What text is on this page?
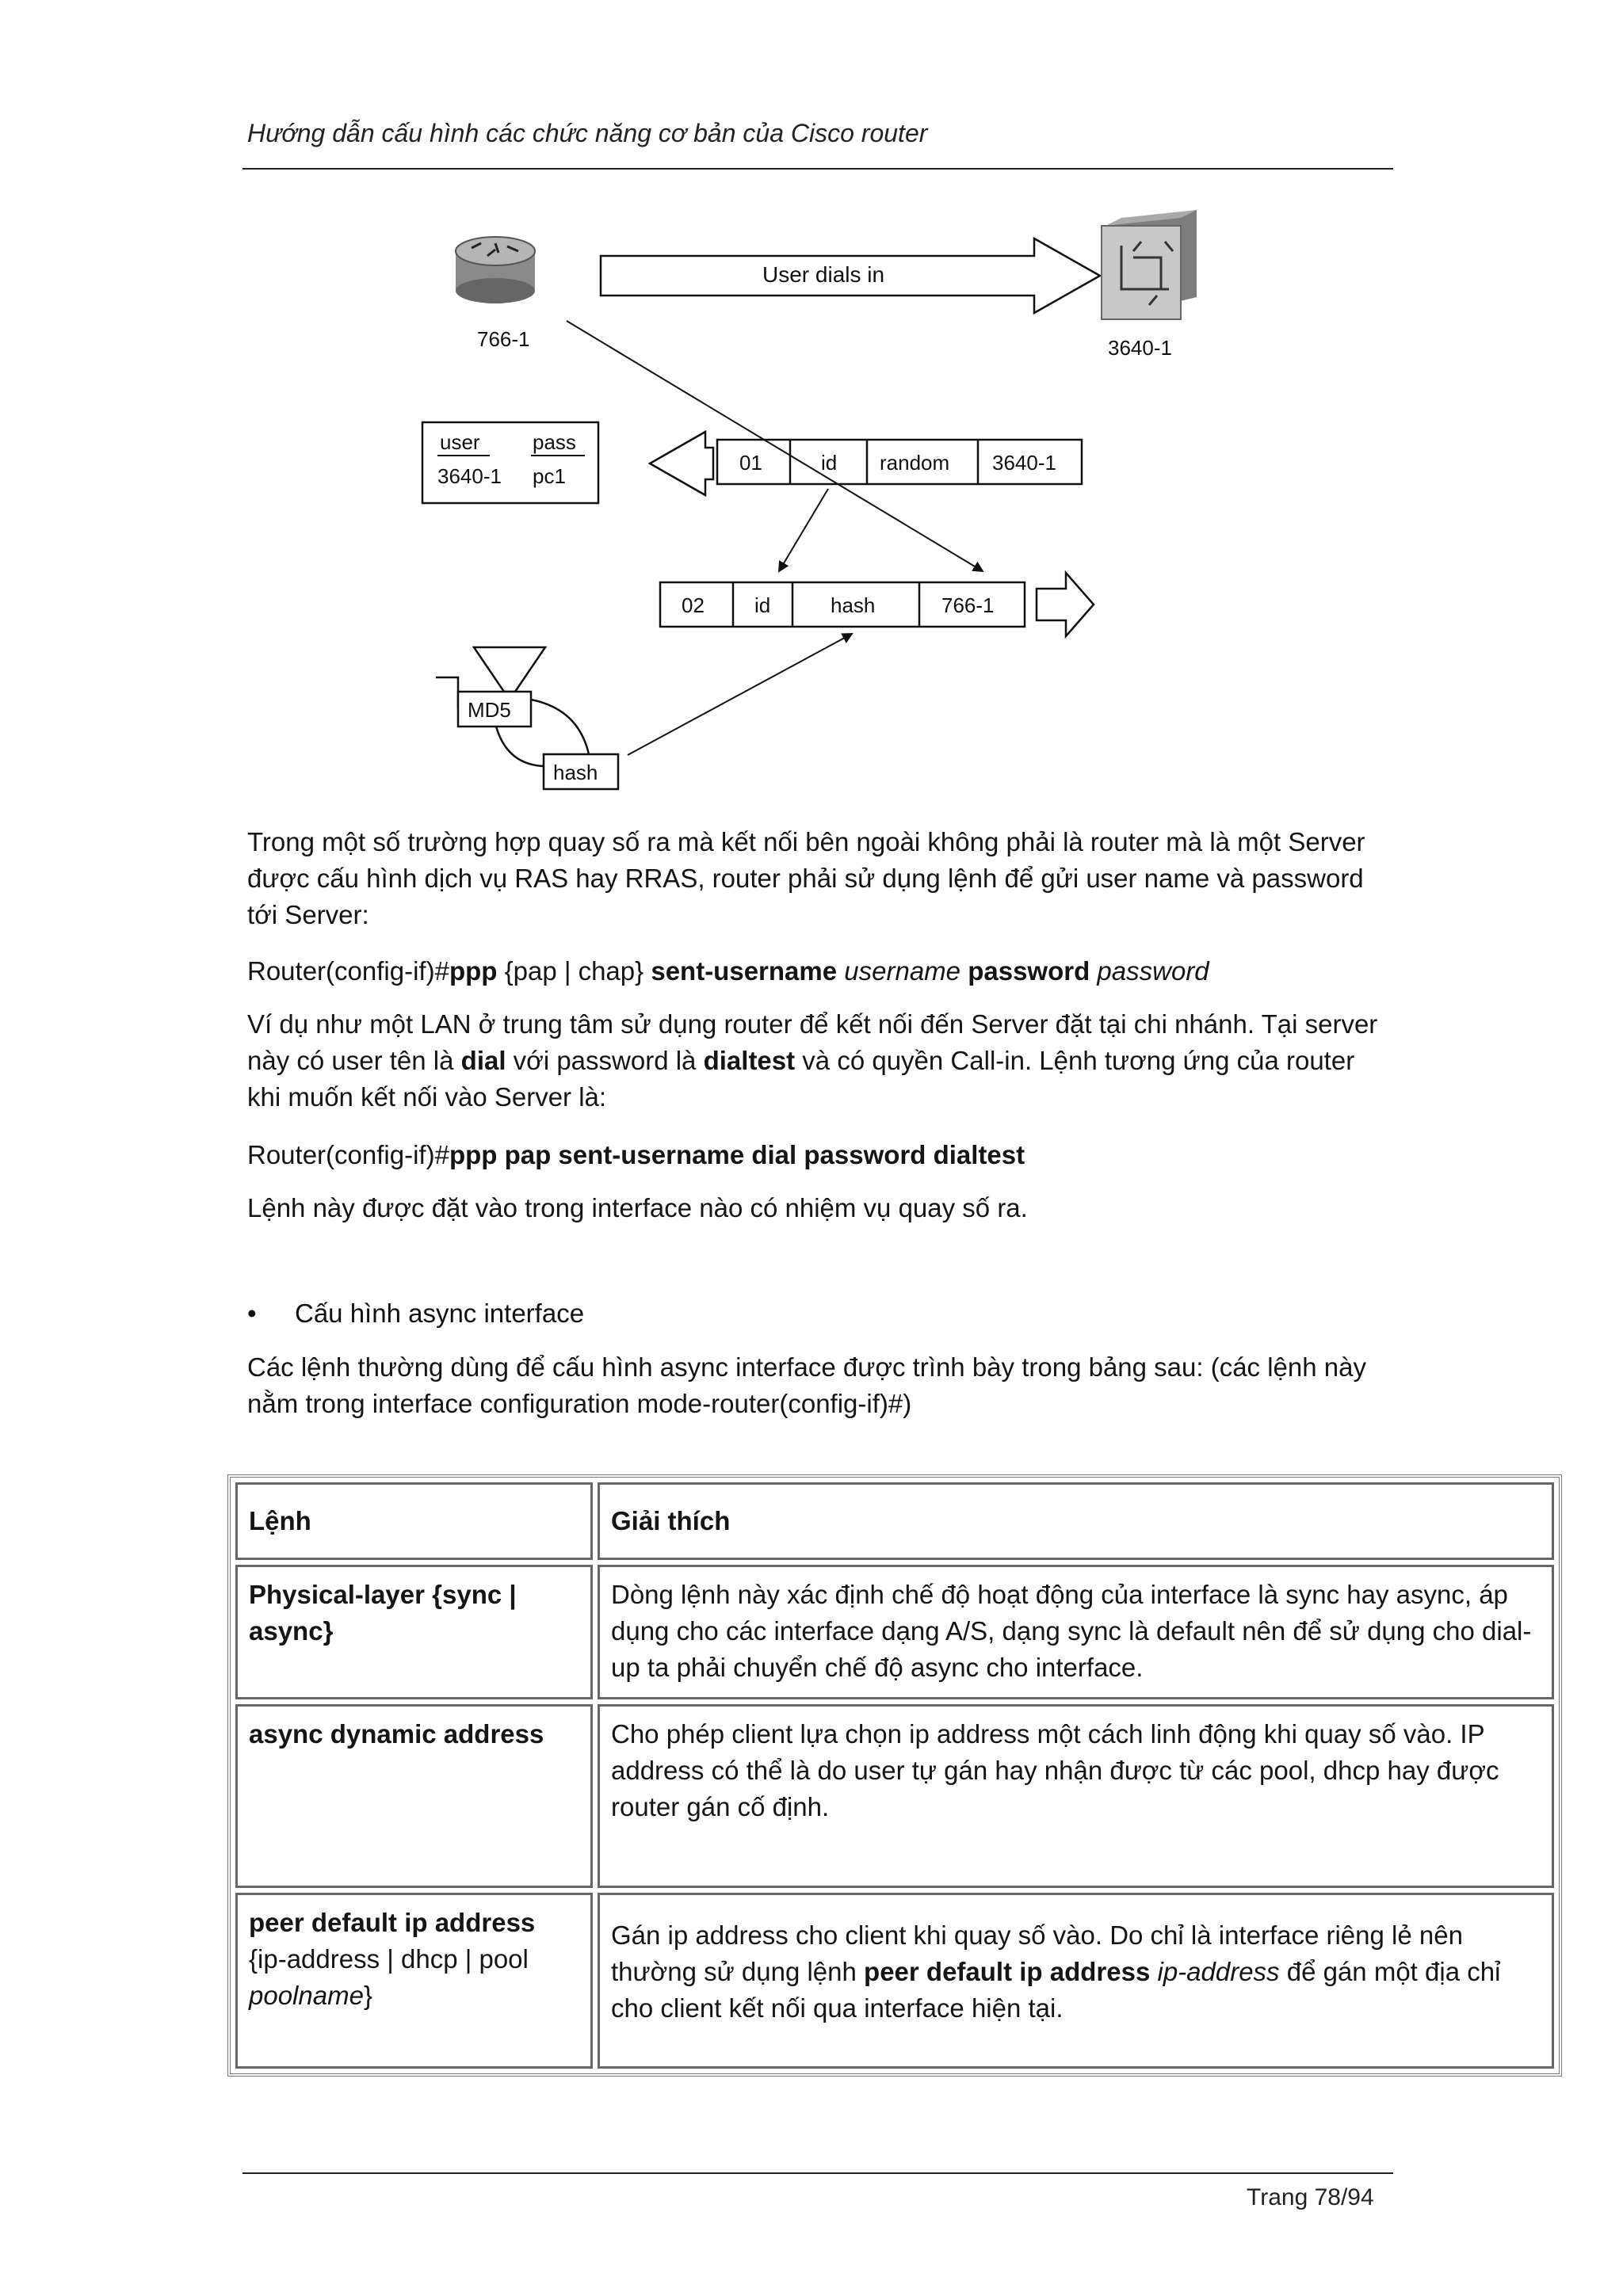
Hướng dẫn cấu hình các chức năng cơ bản của Cisco router
766-1
User dials in
3640-1
user	pass
3640-1 pc1
01	id random 3640-1
02 id	hash	766-1
MD5
hash

Trong một số trường hợp quay số ra mà kết nối bên ngoài không phải là router mà là một Server được cấu hình dịch vụ RAS hay RRAS, router phải sử dụng lệnh để gửi user name và password tới Server:

Router(config-if)#ppp {pap | chap} sent-username username password password
Ví dụ như một LAN ở trung tâm sử dụng router để kết nối đến Server đặt tại chi nhánh. Tại server này có user tên là dial với password là dialtest và có quyền Call-in. Lệnh tương ứng của router khi muốn kết nối vào Server là:
Router(config-if)#ppp pap sent-username dial password dialtest
Lệnh này được đặt vào trong interface nào có nhiệm vụ quay số ra.
• Cấu hình async interface
Các lệnh thường dùng để cấu hình async interface được trình bày trong bảng sau: (các lệnh này nằm trong interface configuration mode-router(config-if)#)
Lệnh	Giải thích
Physical-layer {sync | async}	Dòng lệnh này xác định chế độ hoạt động của interface là sync hay async, áp dụng cho các interface dạng A/S, dạng sync là default nên để sử dụng cho dial-up ta phải chuyển chế độ async cho interface.
async dynamic address	Cho phép client lựa chọn ip address một cách linh động khi quay số vào. IP address có thể là do user tự gán hay nhận được từ các pool, dhcp hay được router gán cố định.
peer default ip address
{ip-address | dhcp | pool poolname}	Gán ip address cho client khi quay số vào. Do chỉ là interface riêng lẻ nên thường sử dụng lệnh peer default ip address ip-address để gán một địa chỉ cho client kết nối qua interface hiện tại.
Trang 78/94
